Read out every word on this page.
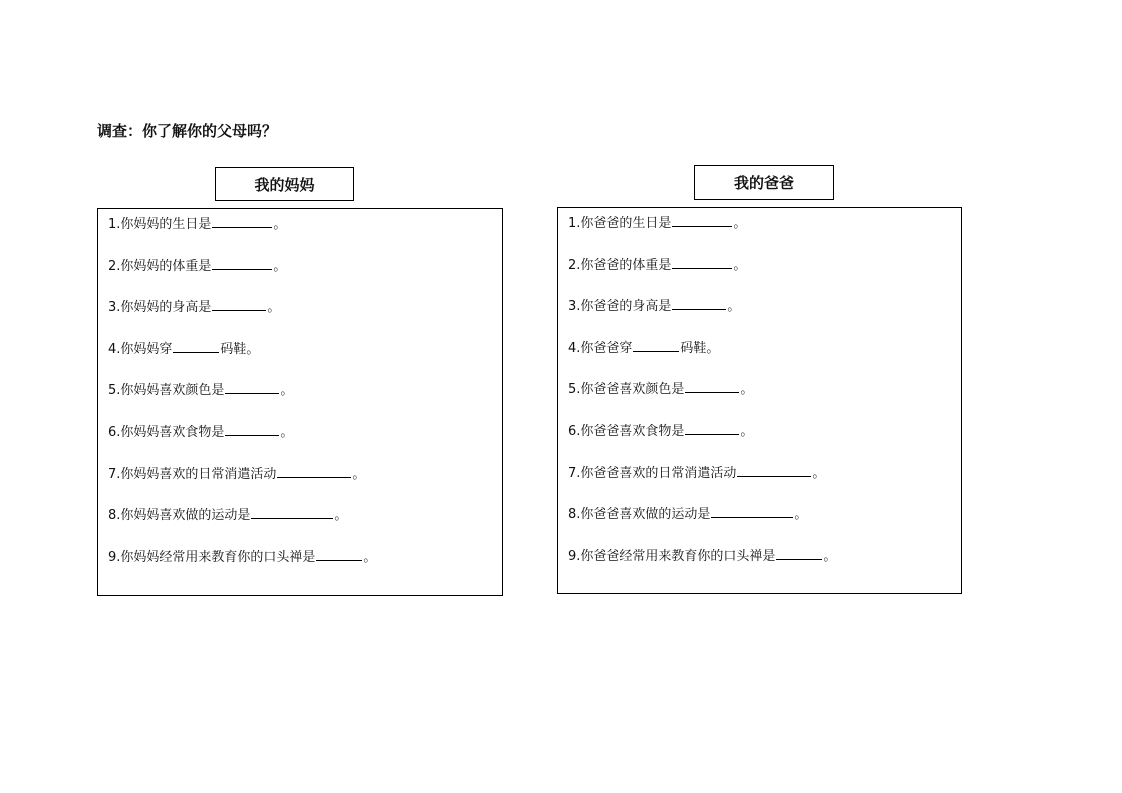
调查：你了解你的父母吗？
我的妈妈
1.你妈妈的生日是	。
2.你妈妈的体重是	。
3.你妈妈的身高是	。
4.你妈妈穿	码鞋。
5.你妈妈喜欢颜色是	。
6.你妈妈喜欢食物是	。
7.你妈妈喜欢的日常消遣活动	。
8.你妈妈喜欢做的运动是	。
9.你妈妈经常用来教育你的口头禅是	。
我的爸爸
1.你爸爸的生日是	。
2.你爸爸的体重是	。
3.你爸爸的身高是	。
4.你爸爸穿	码鞋。
5.你爸爸喜欢颜色是	。
6.你爸爸喜欢食物是	。
7.你爸爸喜欢的日常消遣活动	。
8.你爸爸喜欢做的运动是	。
9.你爸爸经常用来教育你的口头禅是	。
